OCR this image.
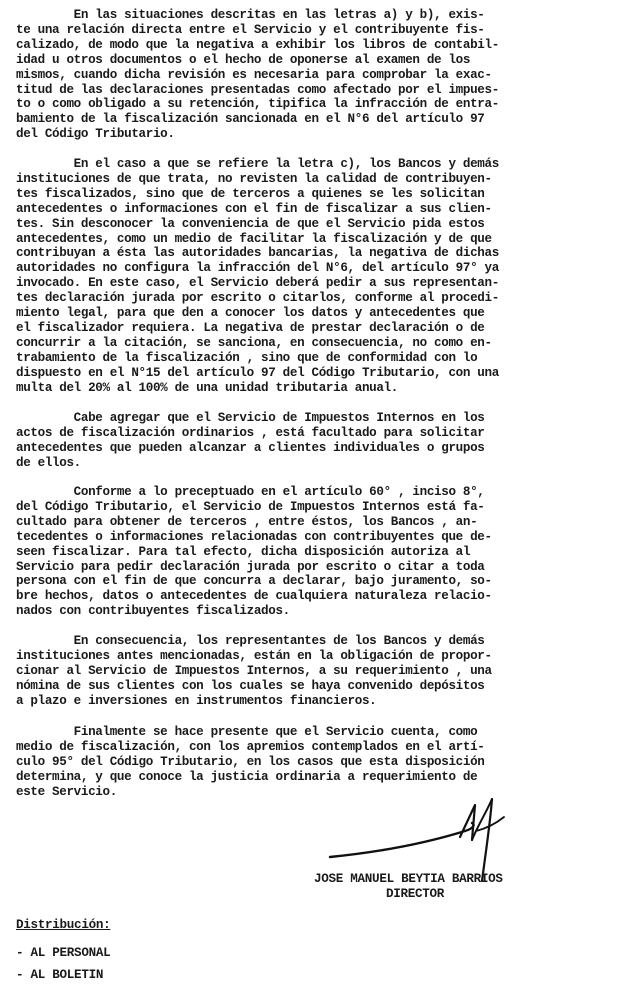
En las situaciones descritas en las letras a) y b), exis-
te una relación directa entre el Servicio y el contribuyente fis-
calizado, de modo que la negativa a exhibir los libros de contabil-
idad u otros documentos o el hecho de oponerse al examen de los
mismos, cuando dicha revisión es necesaria para comprobar la exac-
titud de las declaraciones presentadas como afectado por el impues-
to o como obligado a su retención, tipifica la infracción de entra-
bamiento de la fiscalización sancionada en el N°6 del artículo 97
del Código Tributario.

En el caso a que se refiere la letra c), los Bancos y demás
instituciones de que trata, no revisten la calidad de contribuyen-
tes fiscalizados, sino que de terceros a quienes se les solicitan
antecedentes o informaciones con el fin de fiscalizar a sus clien-
tes. Sin desconocer la conveniencia de que el Servicio pida estos
antecedentes, como un medio de facilitar la fiscalización y de que
contribuyan a ésta las autoridades bancarias, la negativa de dichas
autoridades no configura la infracción del N°6, del artículo 97° ya
invocado. En este caso, el Servicio deberá pedir a sus representan-
tes declaración jurada por escrito o citarlos, conforme al procedi-
miento legal, para que den a conocer los datos y antecedentes que
el fiscalizador requiera. La negativa de prestar declaración o de
concurrir a la citación, se sanciona, en consecuencia, no como en-
trabamiento de la fiscalización , sino que de conformidad con lo
dispuesto en el N°15 del artículo 97 del Código Tributario, con una
multa del 20% al 100% de una unidad tributaria anual.

Cabe agregar que el Servicio de Impuestos Internos en los
actos de fiscalización ordinarios , está facultado para solicitar
antecedentes que pueden alcanzar a clientes individuales o grupos
de ellos.

Conforme a lo preceptuado en el artículo 60° , inciso 8°,
del Código Tributario, el Servicio de Impuestos Internos está fa-
cultado para obtener de terceros , entre éstos, los Bancos , an-
tecedentes o informaciones relacionadas con contribuyentes que de-
seen fiscalizar. Para tal efecto, dicha disposición autoriza al
Servicio para pedir declaración jurada por escrito o citar a toda
persona con el fin de que concurra a declarar, bajo juramento, so-
bre hechos, datos o antecedentes de cualquiera naturaleza relacio-
nados con contribuyentes fiscalizados.

En consecuencia, los representantes de los Bancos y demás
instituciones antes mencionadas, están en la obligación de propor-
cionar al Servicio de Impuestos Internos, a su requerimiento , una
nómina de sus clientes con los cuales se haya convenido depósitos
a plazo e inversiones en instrumentos financieros.

Finalmente se hace presente que el Servicio cuenta, como
medio de fiscalización, con los apremios contemplados en el artí-
culo 95° del Código Tributario, en los casos que esta disposición
determina, y que conoce la justicia ordinaria a requerimiento de
este Servicio.

JOSE MANUEL BEYTIA BARRIOS
DIRECTOR
Distribución:
- AL PERSONAL
- AL BOLETIN
